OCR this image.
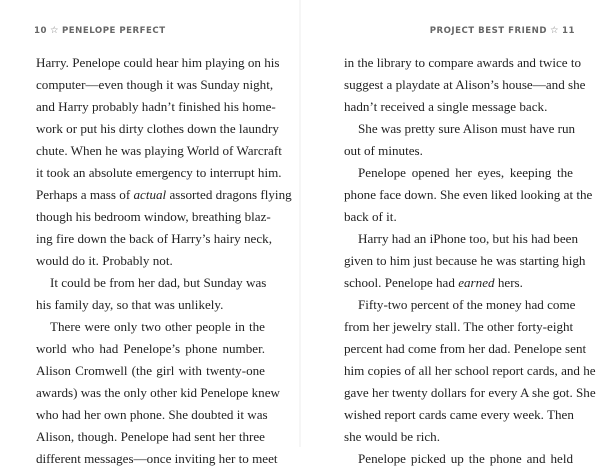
10 ☆ PENELOPE PERFECT
Harry. Penelope could hear him playing on his
computer—even though it was Sunday night,
and Harry probably hadn’t finished his home-
work or put his dirty clothes down the laundry
chute. When he was playing World of Warcraft
it took an absolute emergency to interrupt him.
Perhaps a mass of actual assorted dragons flying
though his bedroom window, breathing blaz-
ing fire down the back of Harry’s hairy neck,
would do it. Probably not.
It could be from her dad, but Sunday was
his family day, so that was unlikely.
There were only two other people in the
world who had Penelope’s phone number.
Alison Cromwell (the girl with twenty-one
awards) was the only other kid Penelope knew
who had her own phone. She doubted it was
Alison, though. Penelope had sent her three
different messages—once inviting her to meet
PROJECT BEST FRIEND ☆ 11
in the library to compare awards and twice to
suggest a playdate at Alison’s house—and she
hadn’t received a single message back.
She was pretty sure Alison must have run
out of minutes.
Penelope opened her eyes, keeping the
phone face down. She even liked looking at the
back of it.
Harry had an iPhone too, but his had been
given to him just because he was starting high
school. Penelope had earned hers.
Fifty-two percent of the money had come
from her jewelry stall. The other forty-eight
percent had come from her dad. Penelope sent
him copies of all her school report cards, and he
gave her twenty dollars for every A she got. She
wished report cards came every week. Then
she would be rich.
Penelope picked up the phone and held
